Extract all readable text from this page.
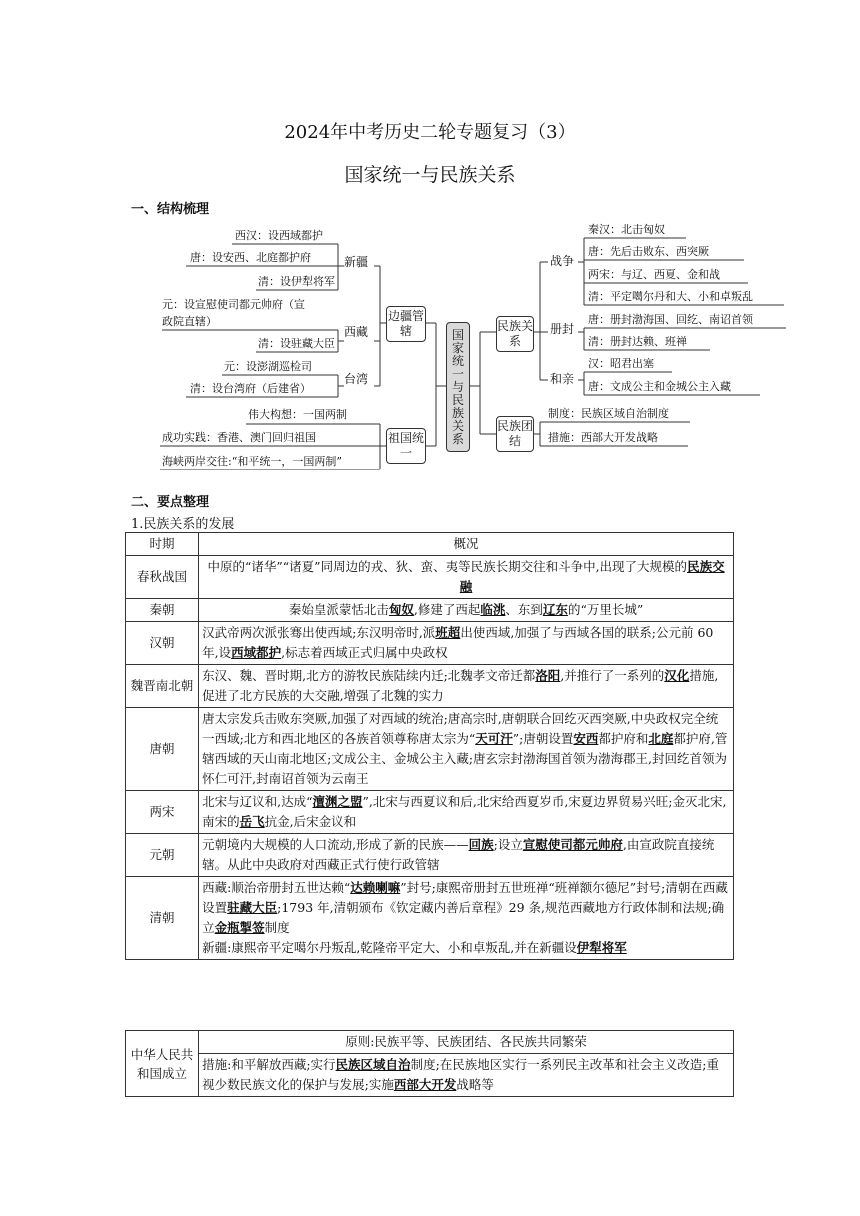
2024年中考历史二轮专题复习（3）
国家统一与民族关系
一、结构梳理
西汉：设西域都护
唐：设安西、北庭都护府
清：设伊犁将军
新疆
元：设宣慰使司都元帅府（宣
政院直辖）
清：设驻藏大臣
西藏
元：设澎湖巡检司
清：设台湾府（后建省）
台湾
伟大构想：一国两制
成功实践：香港、澳门回归祖国
海峡两岸交往:“和平统一，一国两制”
边疆管辖
祖国统一
国家统一与民族关系
民族关系
民族团结
战争
册封
和亲
秦汉：北击匈奴
唐：先后击败东、西突厥
两宋：与辽、西夏、金和战
清：平定噶尔丹和大、小和卓叛乱
唐：册封渤海国、回纥、南诏首领
清：册封达赖、班禅
汉：昭君出塞
唐：文成公主和金城公主入藏
制度：民族区域自治制度
措施：西部大开发战略
二、要点整理
1.民族关系的发展
时期	概况
春秋战国	中原的“诸华”“诸夏”同周边的戎、狄、蛮、夷等民族长期交往和斗争中,出现了大规模的民族交融
秦朝	秦始皇派蒙恬北击匈奴,修建了西起临洮、东到辽东的“万里长城”
汉朝	汉武帝两次派张骞出使西域;东汉明帝时,派班超出使西域,加强了与西域各国的联系;公元前 60 年,设西域都护,标志着西域正式归属中央政权
魏晋南北朝	东汉、魏、晋时期,北方的游牧民族陆续内迁;北魏孝文帝迁都洛阳,并推行了一系列的汉化措施,促进了北方民族的大交融,增强了北魏的实力
唐朝	唐太宗发兵击败东突厥,加强了对西域的统治;唐高宗时,唐朝联合回纥灭西突厥,中央政权完全统一西域;北方和西北地区的各族首领尊称唐太宗为“天可汗”;唐朝设置安西都护府和北庭都护府,管辖西域的天山南北地区;文成公主、金城公主入藏;唐玄宗封渤海国首领为渤海郡王,封回纥首领为怀仁可汗,封南诏首领为云南王
两宋	北宋与辽议和,达成“澶渊之盟”,北宋与西夏议和后,北宋给西夏岁币,宋夏边界贸易兴旺;金灭北宋,南宋的岳飞抗金,后宋金议和
元朝	元朝境内大规模的人口流动,形成了新的民族——回族;设立宣慰使司都元帅府,由宣政院直接统辖。从此中央政府对西藏正式行使行政管辖
清朝	西藏:顺治帝册封五世达赖“达赖喇嘛”封号;康熙帝册封五世班禅“班禅额尔德尼”封号;清朝在西藏设置驻藏大臣;1793 年,清朝颁布《钦定藏内善后章程》29 条,规范西藏地方行政体制和法规;确立金瓶掣签制度
新疆:康熙帝平定噶尔丹叛乱,乾隆帝平定大、小和卓叛乱,并在新疆设伊犁将军
中华人民共和国成立	原则:民族平等、民族团结、各民族共同繁荣
措施:和平解放西藏;实行民族区域自治制度;在民族地区实行一系列民主改革和社会主义改造;重视少数民族文化的保护与发展;实施西部大开发战略等
